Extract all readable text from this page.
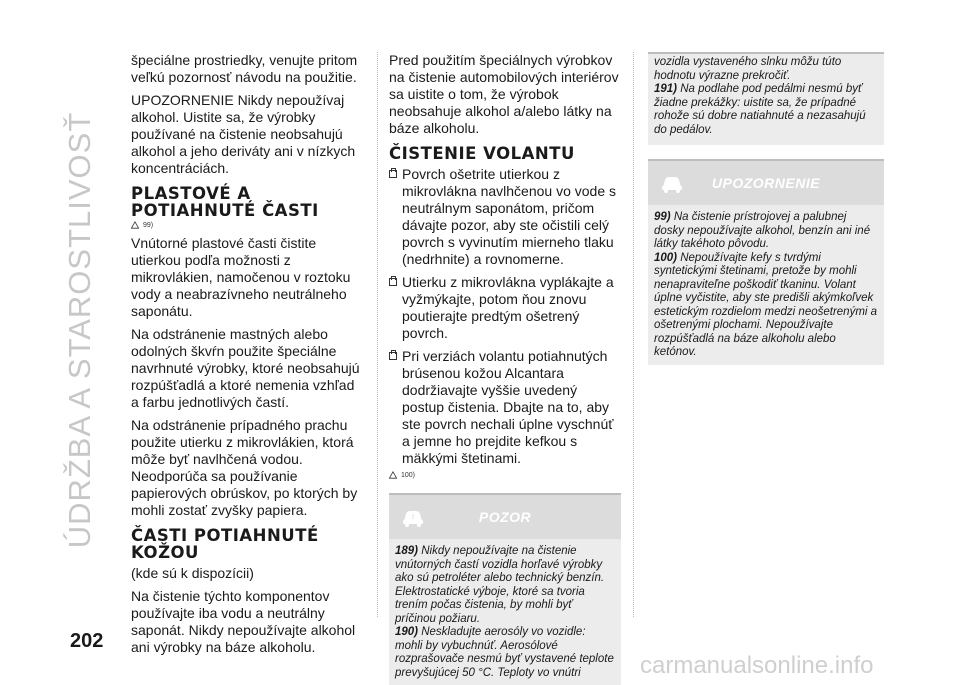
ÚDRŽBA A STAROSTLIVOSŤ

špeciálne prostriedky, venujte pritom veľkú pozornosť návodu na použitie.

UPOZORNENIE Nikdy nepoužívaj alkohol. Uistite sa, že výrobky používané na čistenie neobsahujú alkohol a jeho deriváty ani v nízkych koncentráciách.

PLASTOVÉ A
POTIAHNUTÉ ČASTI
99)

Vnútorné plastové časti čistite utierkou podľa možnosti z mikrovlákien, namočenou v roztoku vody a neabrazívneho neutrálneho saponátu.

Na odstránenie mastných alebo odolných škvŕn použite špeciálne navrhnuté výrobky, ktoré neobsahujú rozpúšťadlá a ktoré nemenia vzhľad a farbu jednotlivých častí.

Na odstránenie prípadného prachu použite utierku z mikrovlákien, ktorá môže byť navlhčená vodou. Neodporúča sa používanie papierových obrúskov, po ktorých by mohli zostať zvyšky papiera.

ČASTI POTIAHNUTÉ
KOŽOU

(kde sú k dispozícii)

Na čistenie týchto komponentov používajte iba vodu a neutrálny saponát. Nikdy nepoužívajte alkohol ani výrobky na báze alkoholu.

Pred použitím špeciálnych výrobkov na čistenie automobilových interiérov sa uistite o tom, že výrobok neobsahuje alkohol a/alebo látky na báze alkoholu.

ČISTENIE VOLANTU

Povrch ošetrite utierkou z mikrovlákna navlhčenou vo vode s neutrálnym saponátom, pričom dávajte pozor, aby ste očistili celý povrch s vyvinutím mierneho tlaku (nedrhnite) a rovnomerne.

Utierku z mikrovlákna vyplákajte a vyžmýkajte, potom ňou znovu poutierajte predtým ošetrený povrch.

Pri verziách volantu potiahnutých brúsenou kožou Alcantara dodržiavajte vyššie uvedený postup čistenia. Dbajte na to, aby ste povrch nechali úplne vyschnúť a jemne ho prejdite kefkou s mäkkými štetinami.

100)
!	POZOR

189) Nikdy nepoužívajte na čistenie vnútorných častí vozidla horľavé výrobky ako sú petroléter alebo technický benzín. Elektrostatické výboje, ktoré sa tvoria trením počas čistenia, by mohli byť príčinou požiaru.

190) Neskladujte aerosóly vo vozidle: mohli by vybuchnúť. Aerosólové rozprašovače nesmú byť vystavené teplote prevyšujúcej 50 °C. Teploty vo vnútri

vozidla vystaveného slnku môžu túto hodnotu výrazne prekročiť.

191) Na podlahe pod pedálmi nesmú byť žiadne prekážky: uistite sa, že prípadné rohože sú dobre natiahnuté a nezasahujú do pedálov.

UPOZORNENIE

99) Na čistenie prístrojovej a palubnej dosky nepoužívajte alkohol, benzín ani iné látky takéhoto pôvodu.

100) Nepoužívajte kefy s tvrdými syntetickými štetinami, pretože by mohli nenapraviteľne poškodiť tkaninu. Volant úplne vyčistite, aby ste predišli akýmkoľvek estetickým rozdielom medzi neošetrenými a ošetrenými plochami. Nepoužívajte rozpúšťadlá na báze alkoholu alebo ketónov.

202
carmanualsonline.info
